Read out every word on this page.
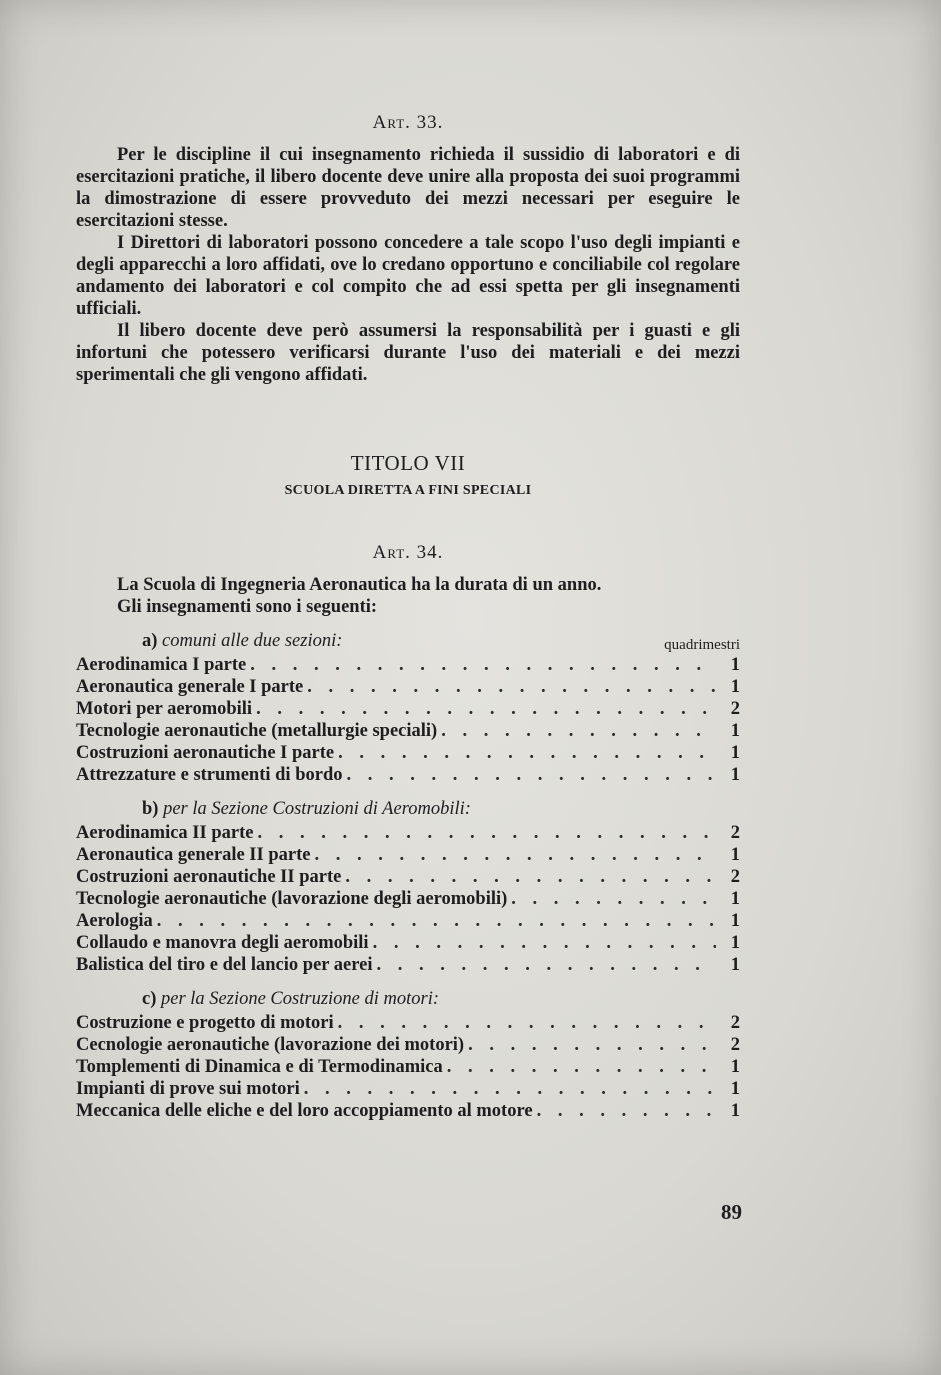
Art. 33.

Per le discipline il cui insegnamento richieda il sussidio di laboratori e di esercitazioni pratiche, il libero docente deve unire alla proposta dei suoi programmi la dimostrazione di essere provveduto dei mezzi necessari per eseguire le esercitazioni stesse.

I Direttori di laboratori possono concedere a tale scopo l'uso degli impianti e degli apparecchi a loro affidati, ove lo credano opportuno e conciliabile col regolare andamento dei laboratori e col compito che ad essi spetta per gli insegnamenti ufficiali.

Il libero docente deve però assumersi la responsabilità per i guasti e gli infortuni che potessero verificarsi durante l'uso dei materiali e dei mezzi sperimentali che gli vengono affidati.

TITOLO VII
SCUOLA DIRETTA A FINI SPECIALI
Art. 34.

La Scuola di Ingegneria Aeronautica ha la durata di un anno.

Gli insegnamenti sono i seguenti:

a) comuni alle due sezioni:	quadrimestri
Aerodinamica I parte . . .	1
Aeronautica generale I parte . . .	1
Motori per aeromobili . . .	2
Tecnologie aeronautiche (metallurgie speciali) . . .	1
Costruzioni aeronautiche I parte . . .	1
Attrezzature e strumenti di bordo . . .	1
b) per la Sezione Costruzioni di Aeromobili:
Aerodinamica II parte . . .	2
Aeronautica generale II parte . . .	1
Costruzioni aeronautiche II parte . . .	2
Tecnologie aeronautiche (lavorazione degli aeromobili) . . .	1
Aerologia . . .	1
Collaudo e manovra degli aeromobili . . .	1
Balistica del tiro e del lancio per aerei . . .	1
c) per la Sezione Costruzione di motori:
Costruzione e progetto di motori . . .	2
Cecnologie aeronautiche (lavorazione dei motori) . . .	2
Tomplementi di Dinamica e di Termodinamica . . .	1
Impianti di prove sui motori . . .	1
Meccanica delle eliche e del loro accoppiamento al motore . . .	1
89
